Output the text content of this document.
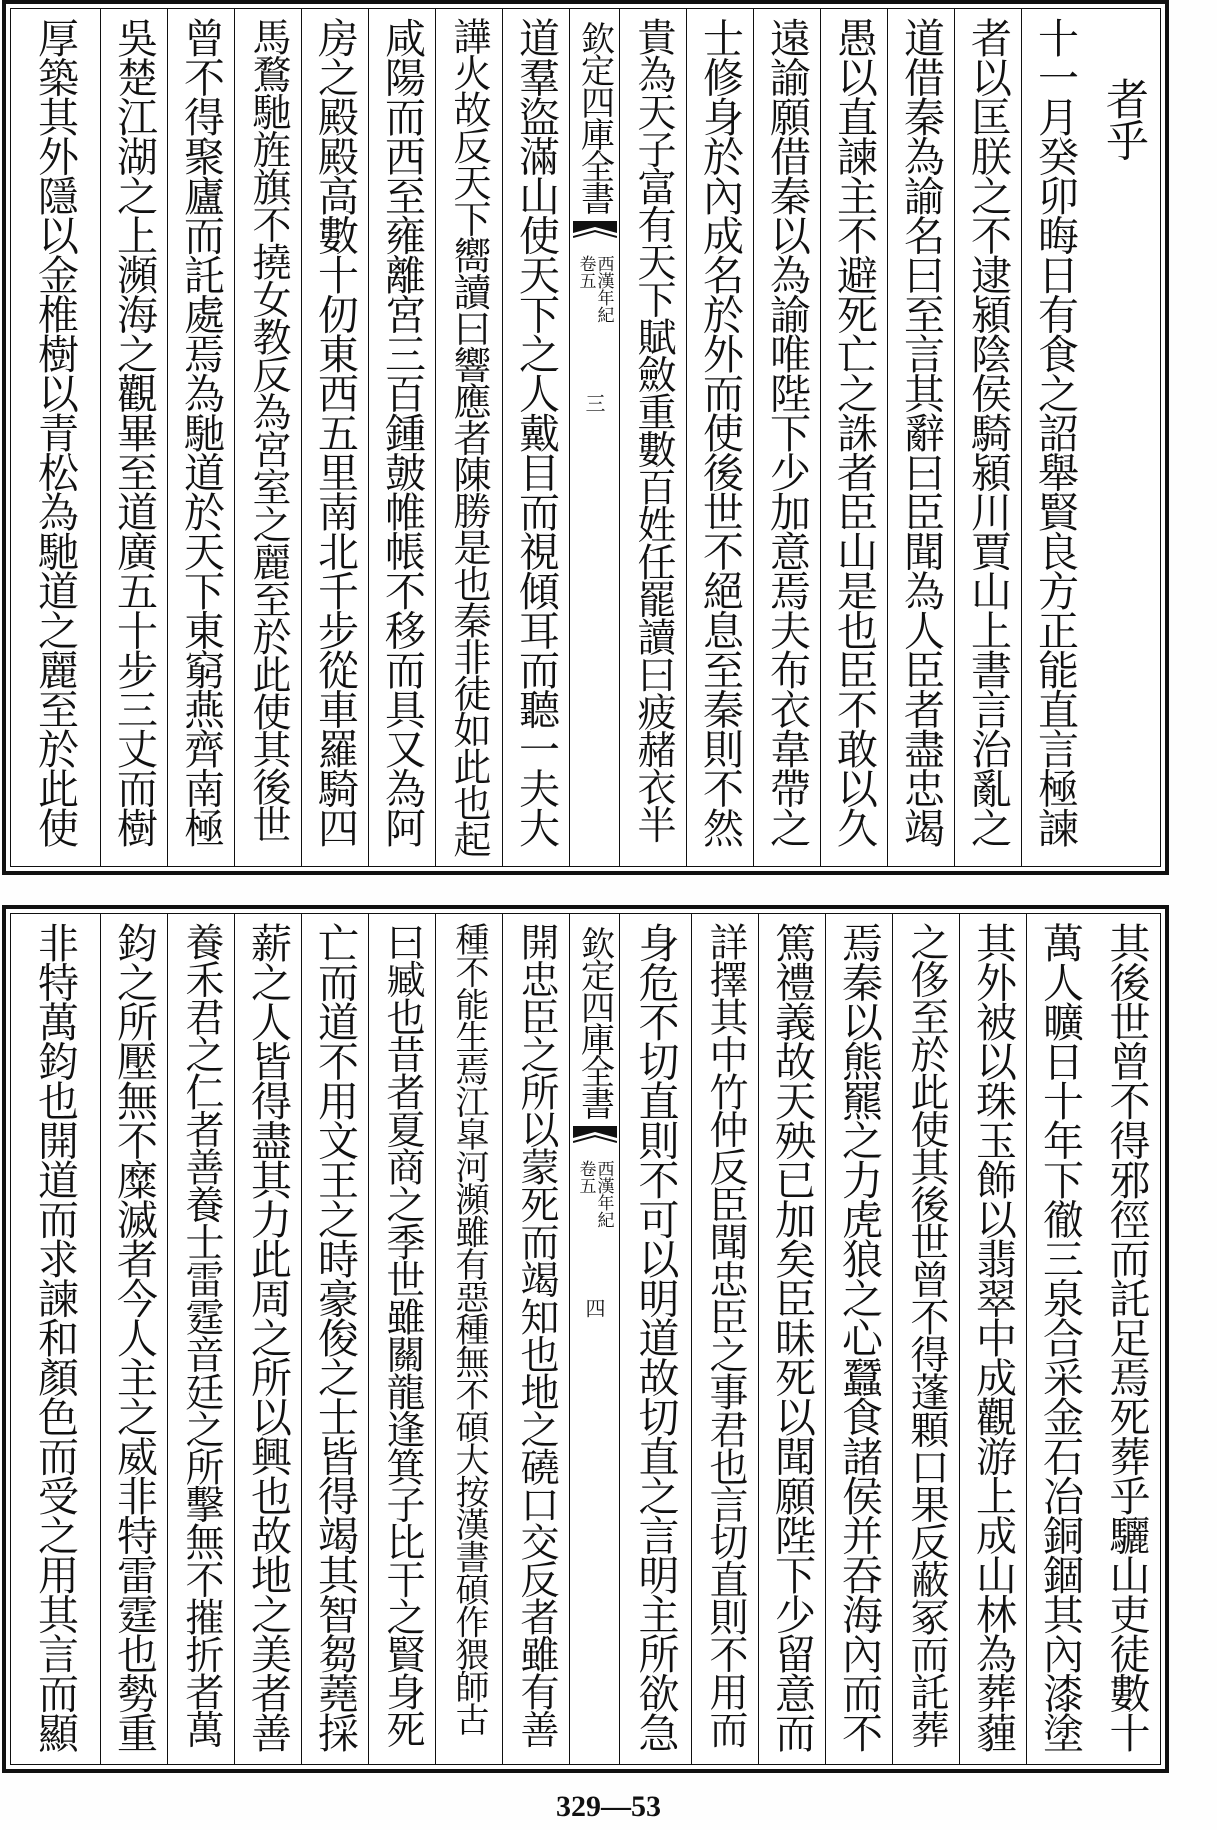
者乎
十一月癸卯晦日有食之詔舉賢良方正能直言極諫
者以匡朕之不逮潁陰侯騎潁川賈山上書言治亂之
道借秦為諭名曰至言其辭曰臣聞為人臣者盡忠竭
愚以直諫主不避死亡之誅者臣山是也臣不敢以久
遠諭願借秦以為諭唯陛下少加意焉夫布衣韋帶之
士修身於內成名於外而使後世不絕息至秦則不然
貴為天子富有天下賦斂重數百姓任罷讀曰疲赭衣半
欽定四庫全書
西漢年紀
卷五
三
道羣盜滿山使天下之人戴目而視傾耳而聽一夫大
譁火故反天下嚮讀曰響應者陳勝是也秦非徒如此也起
咸陽而西至雍離宮三百鍾皷帷帳不移而具又為阿
房之殿殿高數十仞東西五里南北千步從車羅騎四
馬鶩馳旌旗不撓女教反為宮室之麗至於此使其後世
曾不得聚廬而託處焉為馳道於天下東窮燕齊南極
吳楚江湖之上瀕海之觀畢至道廣五十步三丈而樹
厚築其外隱以金椎樹以青松為馳道之麗至於此使
其後世曾不得邪徑而託足焉死葬乎驪山吏徒數十
萬人曠日十年下徹三泉合采金石冶銅錮其內漆塗
其外被以珠玉飾以翡翠中成觀游上成山林為葬薶
之侈至於此使其後世曾不得蓬顆口果反蔽冢而託葬
焉秦以熊羆之力虎狼之心蠶食諸侯并吞海內而不
篤禮義故天殃已加矣臣昧死以聞願陛下少留意而
詳擇其中竹仲反臣聞忠臣之事君也言切直則不用而
身危不切直則不可以明道故切直之言明主所欲急
欽定四庫全書
西漢年紀
卷五
四
開忠臣之所以蒙死而竭知也地之磽口交反者雖有善
種不能生焉江皐河瀕雖有惡種無不碩大按漢書碩作猥師古
曰臧也昔者夏商之季世雖關龍逢箕子比干之賢身死
亡而道不用文王之時豪俊之士皆得竭其智芻蕘採
薪之人皆得盡其力此周之所以興也故地之美者善
養禾君之仁者善養士雷霆音廷之所擊無不摧折者萬
鈞之所壓無不糜滅者今人主之威非特雷霆也勢重
非特萬鈞也開道而求諫和顏色而受之用其言而顯
329—53
